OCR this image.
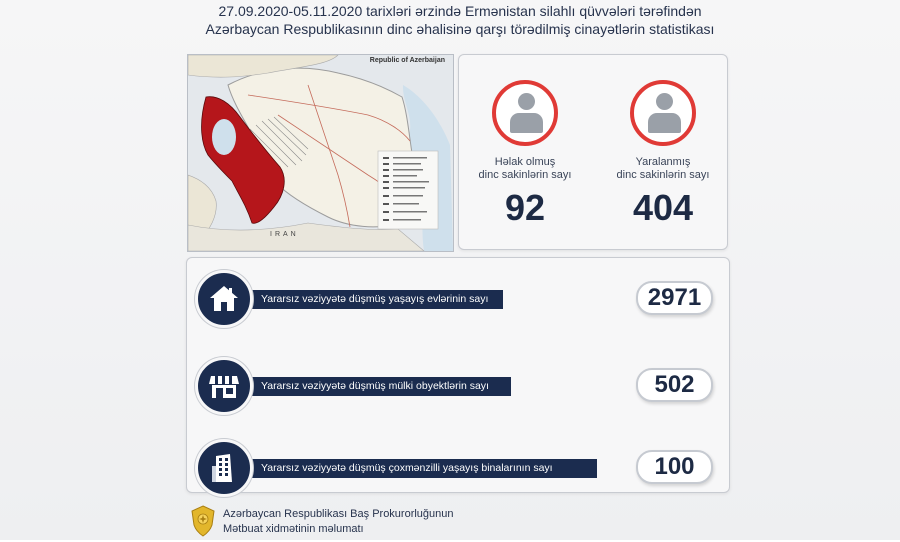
27.09.2020-05.11.2020 tarixləri ərzində Ermənistan silahlı qüvvələri tərəfindən
Azərbaycan Respublikasının dinc əhalisinə qarşı törədilmiş cinayətlərin statistikası
Republic of Azerbaijan
IRAN
Həlak olmuş
dinc sakinlərin sayı
92
Yaralanmış
dinc sakinlərin sayı
404
Yararsız vəziyyətə düşmüş yaşayış evlərinin sayı	2971
Yararsız vəziyyətə düşmüş mülki obyektlərin sayı	502
Yararsız vəziyyətə düşmüş çoxmənzilli yaşayış binalarının sayı	100
Azərbaycan Respublikası Baş Prokurorluğunun
Mətbuat xidmətinin məlumatı
